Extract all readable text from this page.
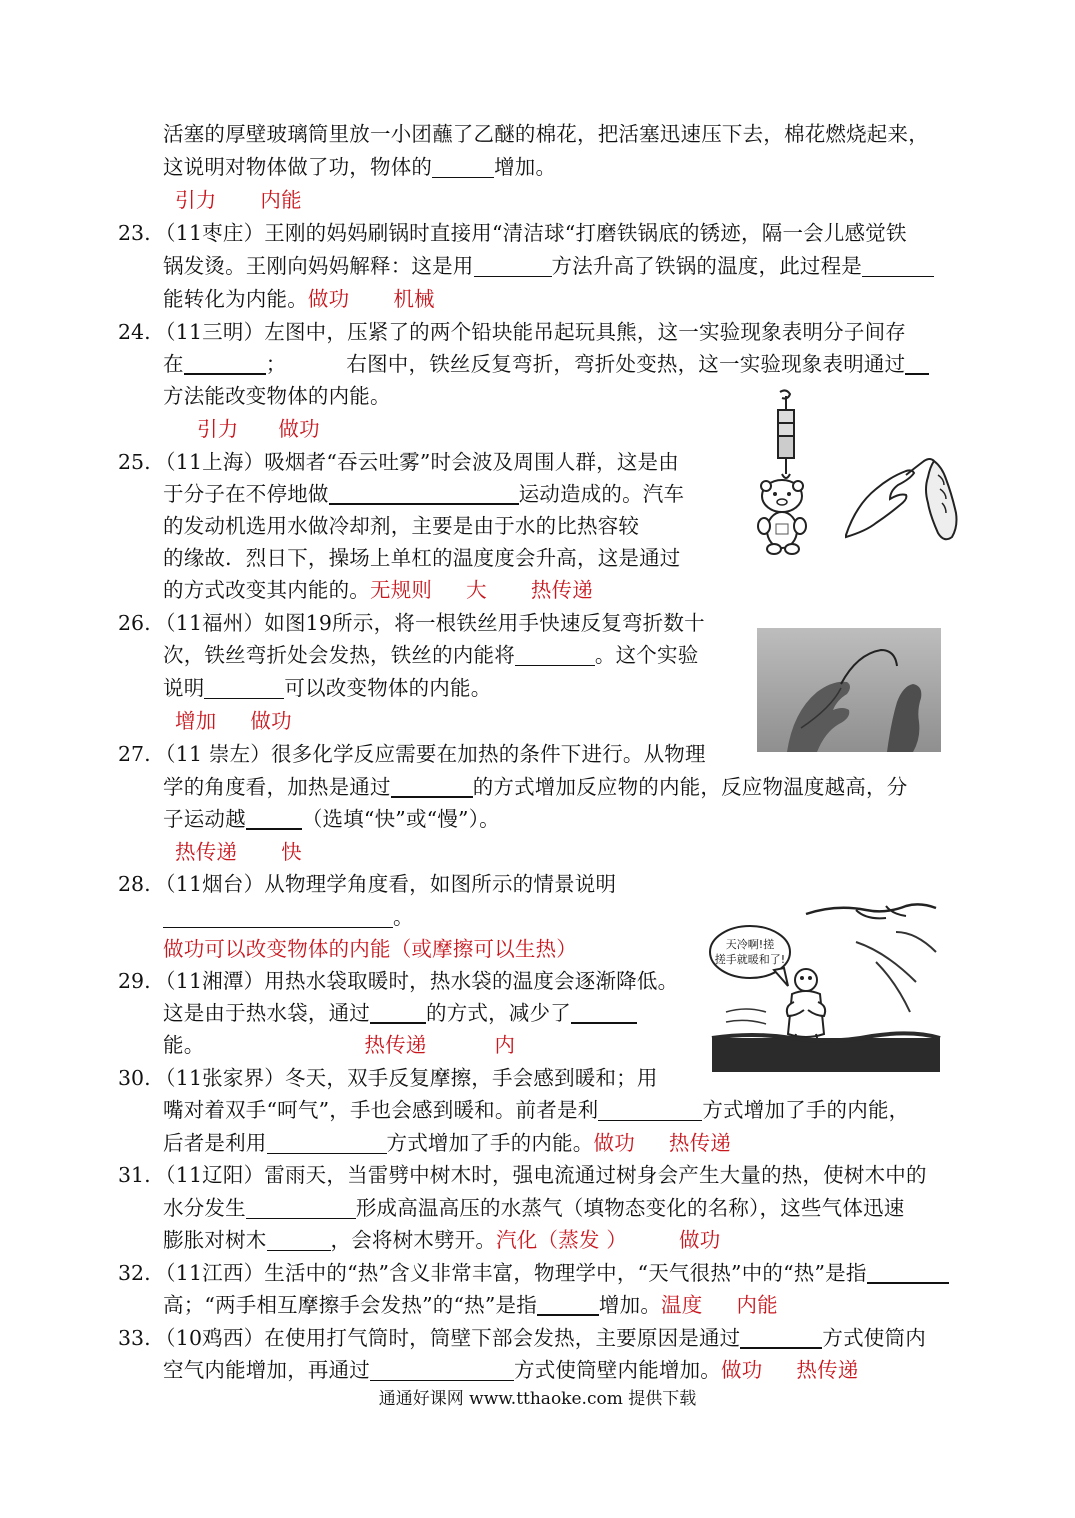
活塞的厚壁玻璃筒里放一小团蘸了乙醚的棉花，把活塞迅速压下去，棉花燃烧起来，
这说明对物体做了功，物体的	增加。
引力 内能
23. （11枣庄）王刚的妈妈刷锅时直接用“清洁球“打磨铁锅底的锈迹，隔一会儿感觉铁
锅发烫。王刚向妈妈解释：这是用	方法升高了铁锅的温度，此过程是
能转化为内能。做功 机械
24. （11三明）左图中，压紧了的两个铅块能吊起玩具熊，这一实验现象表明分子间存
在	；	右图中，铁丝反复弯折，弯折处变热，这一实验现象表明通过
方法能改变物体的内能。
引力 做功
25. （11上海）吸烟者“吞云吐雾”时会波及周围人群，这是由
于分子在不停地做	运动造成的。汽车
的发动机选用水做冷却剂，主要是由于水的比热容较
的缘故．烈日下，操场上单杠的温度度会升高，这是通过
的方式改变其内能的。无规则 大 热传递
26. （11福州）如图19所示，将一根铁丝用手快速反复弯折数十
次，铁丝弯折处会发热，铁丝的内能将	。这个实验
说明	可以改变物体的内能。
增加 做功
27. （11 崇左）很多化学反应需要在加热的条件下进行。从物理
学的角度看，加热是通过	的方式增加反应物的内能，反应物温度越高，分
子运动越	（选填“快”或“慢”）。
热传递 快
28. （11烟台）从物理学角度看，如图所示的情景说明
。
做功可以改变物体的内能（或摩擦可以生热）	天冷啊!搓
搓手就暖和了!
29. （11湘潭）用热水袋取暖时，热水袋的温度会逐渐降低。
这是由于热水袋，通过	的方式，减少了
能。	热传递	内
30. （11张家界）冬天，双手反复摩擦，手会感到暖和；用
嘴对着双手“呵气”，手也会感到暖和。前者是利	方式增加了手的内能，
后者是利用	方式增加了手的内能。做功 热传递
31. （11辽阳）雷雨天，当雷劈中树木时，强电流通过树身会产生大量的热，使树木中的
水分发生	形成高温高压的水蒸气（填物态变化的名称），这些气体迅速
膨胀对树木	，会将树木劈开。汽化（蒸发 ）	做功
32. （11江西）生活中的“热”含义非常丰富，物理学中，“天气很热”中的“热”是指
高；“两手相互摩擦手会发热”的“热”是指	增加。温度 内能
33. （10鸡西）在使用打气筒时，筒壁下部会发热，主要原因是通过	方式使筒内
空气内能增加，再通过	方式使筒壁内能增加。做功 热传递
通通好课网 www.tthaoke.com 提供下载
